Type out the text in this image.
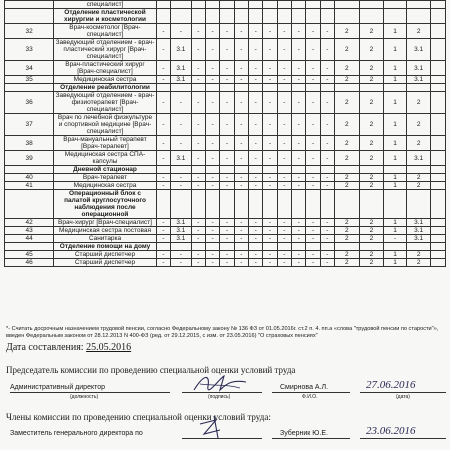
	специалист]																	
	Отделение пластической хирургии и косметологии																	
32	Врач-косметолог [Врач-специалист]	-	-	-	-	-	-	-	-	-	-	-	-	2	2	1	2	
33	Заведующий отделением - врач-пластический хирург [Врач-специалист]	-	3.1	-	-	-	-	-	-	-	-	-	-	2	2	1	3.1	
34	Врач-пластический хирург [Врач-специалист]	-	3.1	-	-	-	-	-	-	-	-	-	-	2	2	1	3.1	
35	Медицинская сестра	-	3.1	-	-	-	-	-	-	-	-	-	-	2	2	1	3.1	
	Отделение реабилитологии																	
36	Заведующий отделением - врач-физиотерапевт [Врач-специалист]	-	-	-	-	-	-	-	-	-	-	-	-	2	2	1	2	
37	Врач по лечебной физкультуре и спортивной медицине [Врач-специалист]	-	-	-	-	-	-	-	-	-	-	-	-	2	2	1	2	
38	Врач-мануальный терапевт [Врач-терапевт]	-	-	-	-	-	-	-	-	-	-	-	-	2	2	1	2	
39	Медицинская сестра СПА-капсулы	-	3.1	-	-	-	-	-	-	-	-	-	-	2	2	1	3.1	
	Дневной стационар																	
40	Врач-терапевт	-	-	-	-	-	-	-	-	-	-	-	-	2	2	1	2	
41	Медицинская сестра	-	-	-	-	-	-	-	-	-	-	-	-	2	2	1	2	
	Операционный блок с палатой круглосуточного наблюдения после операционной																	
42	Врач-хирург [Врач-специалист]	-	3.1	-	-	-	-	-	-	-	-	-	-	2	2	1	3.1	
43	Медицинская сестра постовая	-	3.1	-	-	-	-	-	-	-	-	-	-	2	2	1	3.1	
44	Санитарка	-	3.1	-	-	-	-	-	-	-	-	-	-	2	2	-	3.1	
	Отделение помощи на дому																	
45	Старший диспетчер	-	-	-	-	-	-	-	-	-	-	-	-	2	2	1	2	
46	Старший диспетчер	-	-	-	-	-	-	-	-	-	-	-	-	2	2	1	2	
*- Считать досрочным назначением трудовой пенсии, согласно Федеральному закону № 136 ФЗ от 01.05.2016г. ст.2 п. 4. пп.а «слова "трудовой пенсии по старости"», введен Федеральным законом от 28.12.2013 N 400-ФЗ (ред. от 29.12.2015, с изм. от 23.05.2016) "О страховых пенсиях"
Дата составления: 25.05.2016
Председатель комиссии по проведению специальной оценки условий труда
Административный директор
(должность)	(подпись)
Смирнова А.Л.
Ф.И.О.
27.06.2016
(дата)
Члены комиссии по проведению специальной оценки условий труда:
Заместитель генерального директора по	Зуберник Ю.Е.	23.06.2016
